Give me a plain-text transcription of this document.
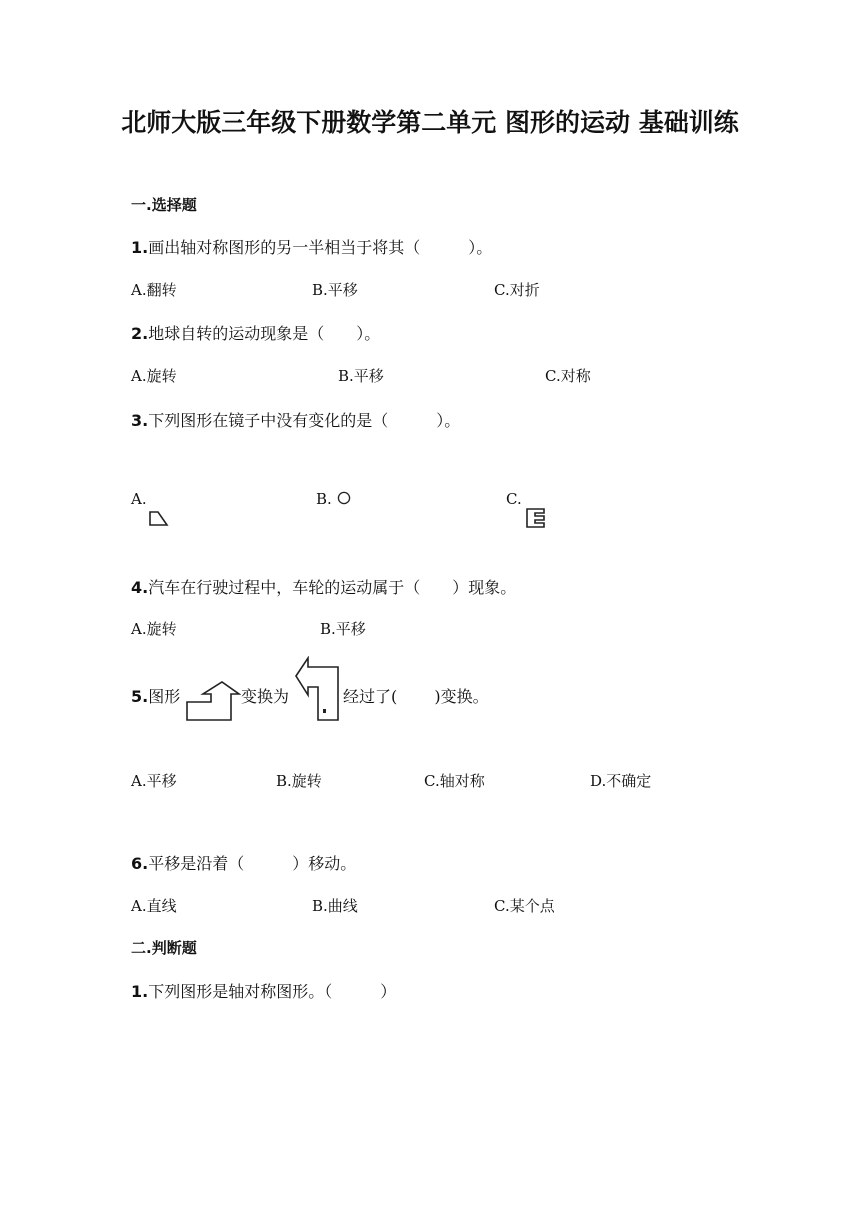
北师大版三年级下册数学第二单元 图形的运动 基础训练
一.选择题
1.画出轴对称图形的另一半相当于将其（　　　）。
A.翻转	B.平移	C.对折
2.地球自转的运动现象是（　　）。
A.旋转	B.平移	C.对称
3.下列图形在镜子中没有变化的是（　　　）。
A.	B.	C.
4.汽车在行驶过程中，车轮的运动属于（　　）现象。
A.旋转	B.平移
5.图形	变换为	经过了(　　 )变换。
A.平移	B.旋转	C.轴对称	D.不确定
6.平移是沿着（　　　）移动。
A.直线	B.曲线	C.某个点
二.判断题
1.下列图形是轴对称图形。（　　　）
